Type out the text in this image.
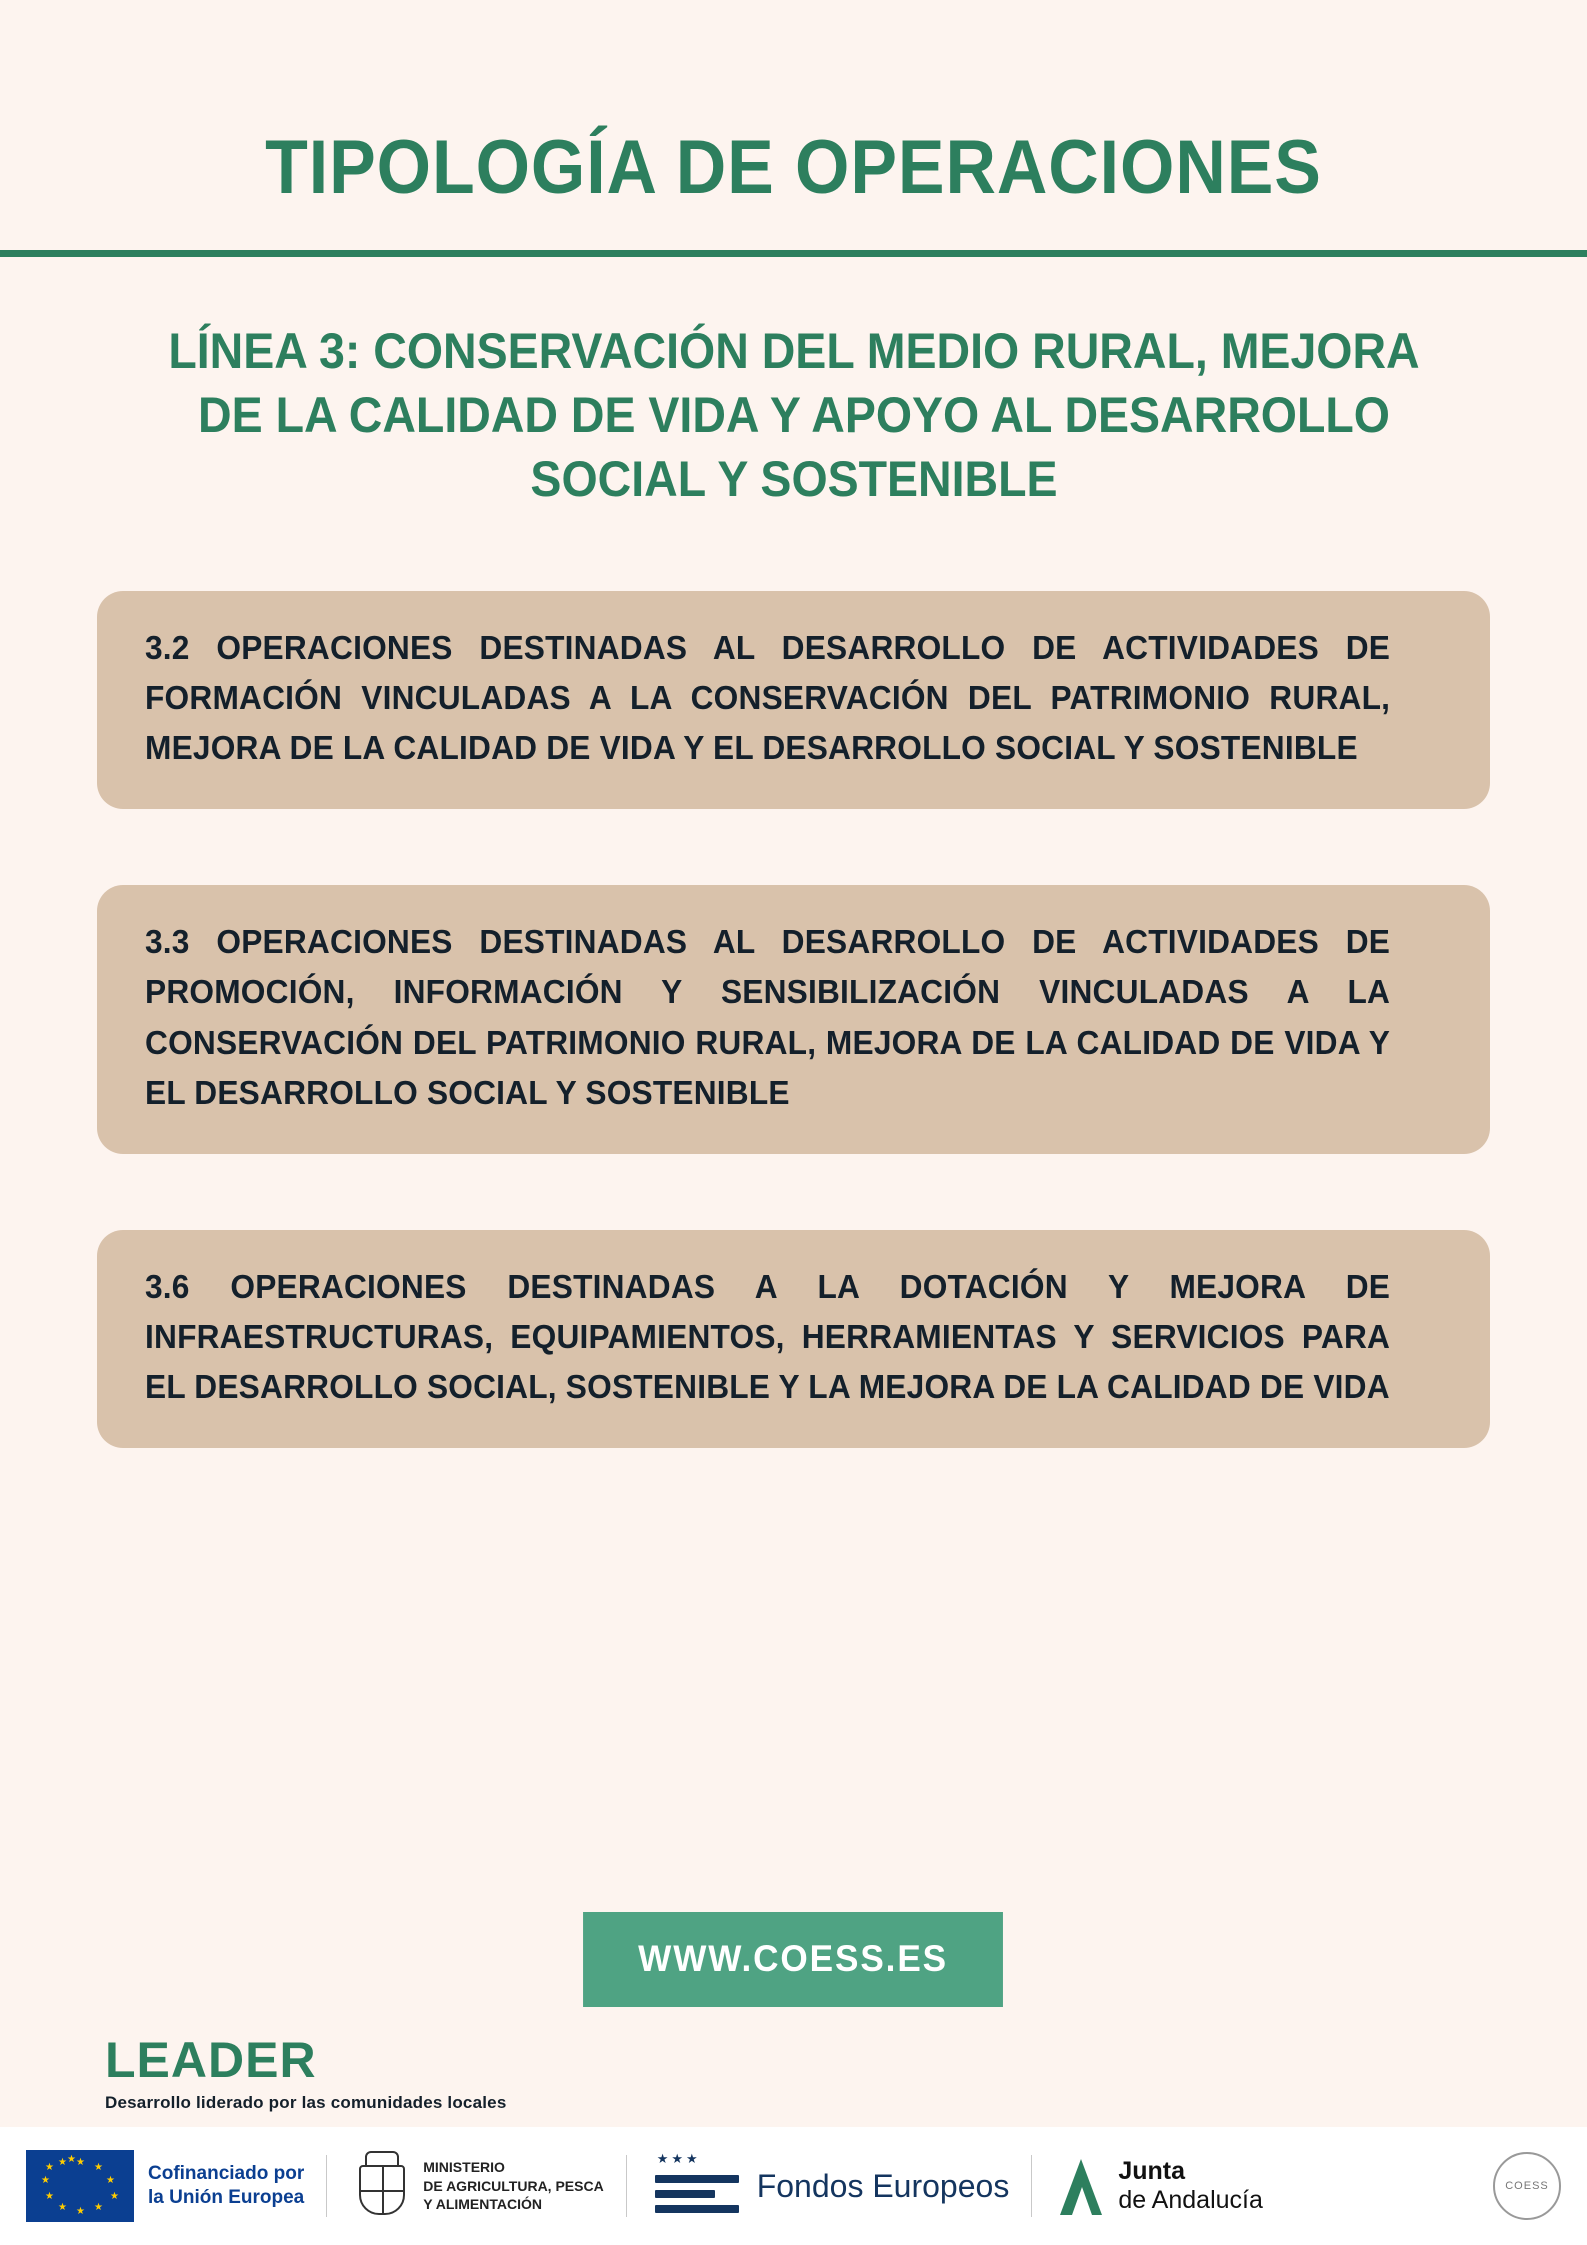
TIPOLOGÍA DE OPERACIONES
LÍNEA 3: CONSERVACIÓN DEL MEDIO RURAL, MEJORA DE LA CALIDAD DE VIDA Y APOYO AL DESARROLLO SOCIAL Y SOSTENIBLE

3.2 OPERACIONES DESTINADAS AL DESARROLLO DE ACTIVIDADES DE FORMACIÓN VINCULADAS A LA CONSERVACIÓN DEL PATRIMONIO RURAL, MEJORA DE LA CALIDAD DE VIDA Y EL DESARROLLO SOCIAL Y SOSTENIBLE

3.3 OPERACIONES DESTINADAS AL DESARROLLO DE ACTIVIDADES DE PROMOCIÓN, INFORMACIÓN Y SENSIBILIZACIÓN VINCULADAS A LA CONSERVACIÓN DEL PATRIMONIO RURAL, MEJORA DE LA CALIDAD DE VIDA Y EL DESARROLLO SOCIAL Y SOSTENIBLE

3.6 OPERACIONES DESTINADAS A LA DOTACIÓN Y MEJORA DE INFRAESTRUCTURAS, EQUIPAMIENTOS, HERRAMIENTAS Y SERVICIOS PARA EL DESARROLLO SOCIAL, SOSTENIBLE Y LA MEJORA DE LA CALIDAD DE VIDA

WWW.COESS.ES
LEADER
Desarrollo liderado por las comunidades locales
★ ★
★
★
★
★
★
★
★
★ ★ ★
Cofinanciado por
la Unión Europea
MINISTERIO
DE AGRICULTURA, PESCA
Y ALIMENTACIÓN
★★★
Fondos Europeos	Junta
de Andalucía	COESS
